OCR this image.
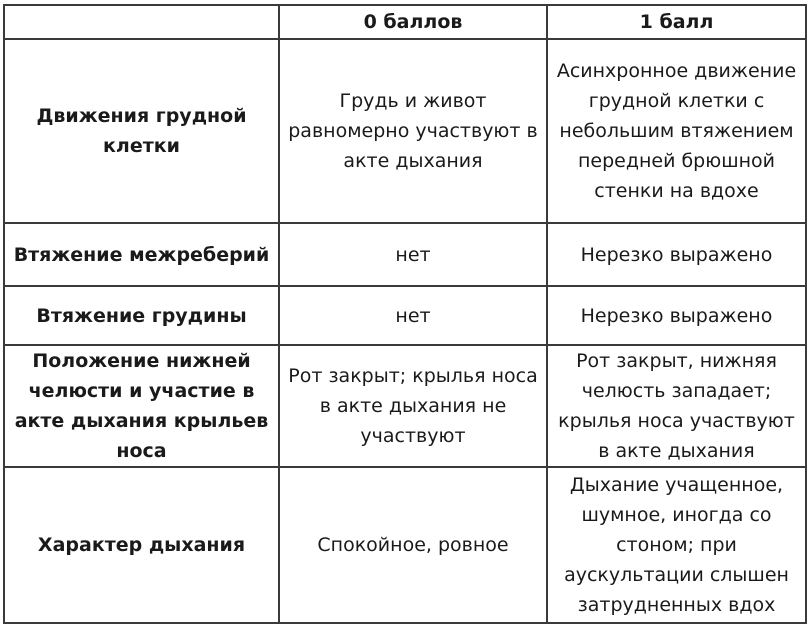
	0 баллов	1 балл
Движения грудной клетки	Грудь и живот равномерно участвуют в акте дыхания	Асинхронное движение грудной клетки с небольшим втяжением передней брюшной стенки на вдохе
Втяжение межреберий	нет	Нерезко выражено
Втяжение грудины	нет	Нерезко выражено
Положение нижней челюсти и участие в акте дыхания крыльев носа	Рот закрыт; крылья носа в акте дыхания не участвуют	Рот закрыт, нижняя челюсть западает; крылья носа участвуют в акте дыхания
Характер дыхания	Спокойное, ровное	Дыхание учащенное, шумное, иногда со стоном; при аускультации слышен затрудненных вдох
